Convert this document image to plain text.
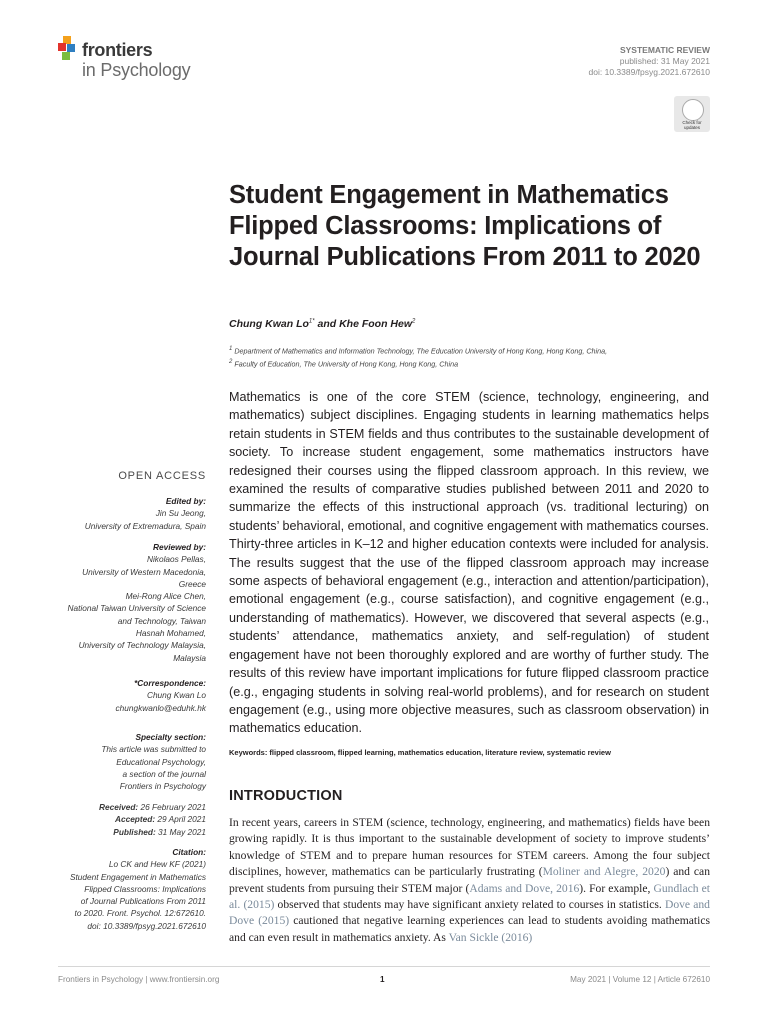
frontiers
in Psychology
SYSTEMATIC REVIEW
published: 31 May 2021
doi: 10.3389/fpsyg.2021.672610
Check for updates
Student Engagement in Mathematics Flipped Classrooms: Implications of Journal Publications From 2011 to 2020
Chung Kwan $Lo^{1*}$ and Khe Foon Hew$^2$
$^1$ Department of Mathematics and Information Technology, The Education University of Hong Kong, Hong Kong, China,
$^2$ Faculty of Education, The University of Hong Kong, Hong Kong, China
Mathematics is one of the core STEM (science, technology, engineering, and mathematics) subject disciplines. Engaging students in learning mathematics helps retain students in STEM fields and thus contributes to the sustainable development of society. To increase student engagement, some mathematics instructors have redesigned their courses using the flipped classroom approach. In this review, we examined the results of comparative studies published between 2011 and 2020 to summarize the effects of this instructional approach (vs. traditional lecturing) on students’ behavioral, emotional, and cognitive engagement with mathematics courses. Thirty-three articles in K–12 and higher education contexts were included for analysis. The results suggest that the use of the flipped classroom approach may increase some aspects of behavioral engagement (e.g., interaction and attention/participation), emotional engagement (e.g., course satisfaction), and cognitive engagement (e.g., understanding of mathematics). However, we discovered that several aspects (e.g., students’ attendance, mathematics anxiety, and self-regulation) of student engagement have not been thoroughly explored and are worthy of further study. The results of this review have important implications for future flipped classroom practice (e.g., engaging students in solving real-world problems), and for research on student engagement (e.g., using more objective measures, such as classroom observation) in mathematics education.
Keywords: flipped classroom, flipped learning, mathematics education, literature review, systematic review
INTRODUCTION
In recent years, careers in STEM (science, technology, engineering, and mathematics) fields have been growing rapidly. It is thus important to the sustainable development of society to improve students’ knowledge of STEM and to prepare human resources for STEM careers. Among the four subject disciplines, however, mathematics can be particularly frustrating (Moliner and Alegre, 2020) and can prevent students from pursuing their STEM major (Adams and Dove, 2016). For example, Gundlach et al. (2015) observed that students may have significant anxiety related to courses in statistics. Dove and Dove (2015) cautioned that negative learning experiences can lead to students avoiding mathematics and can even result in mathematics anxiety. As Van Sickle (2016)
OPEN ACCESS
Edited by:
Jin Su Jeong,
University of Extremadura, Spain
Reviewed by:
Nikolaos Pellas,
University of Western Macedonia,
Greece
Mei-Rong Alice Chen,
National Taiwan University of Science
and Technology, Taiwan
Hasnah Mohamed,
University of Technology Malaysia,
Malaysia
*Correspondence:
Chung Kwan Lo
chungkwanlo@eduhk.hk
Specialty section:
This article was submitted to
Educational Psychology,
a section of the journal
Frontiers in Psychology
Received: 26 February 2021
Accepted: 29 April 2021
Published: 31 May 2021
Citation:
Lo CK and Hew KF (2021)
Student Engagement in Mathematics
Flipped Classrooms: Implications
of Journal Publications From 2011
to 2020. Front. Psychol. 12:672610.
doi: 10.3389/fpsyg.2021.672610
Frontiers in Psychology | www.frontiersin.org	1	May 2021 | Volume 12 | Article 672610
